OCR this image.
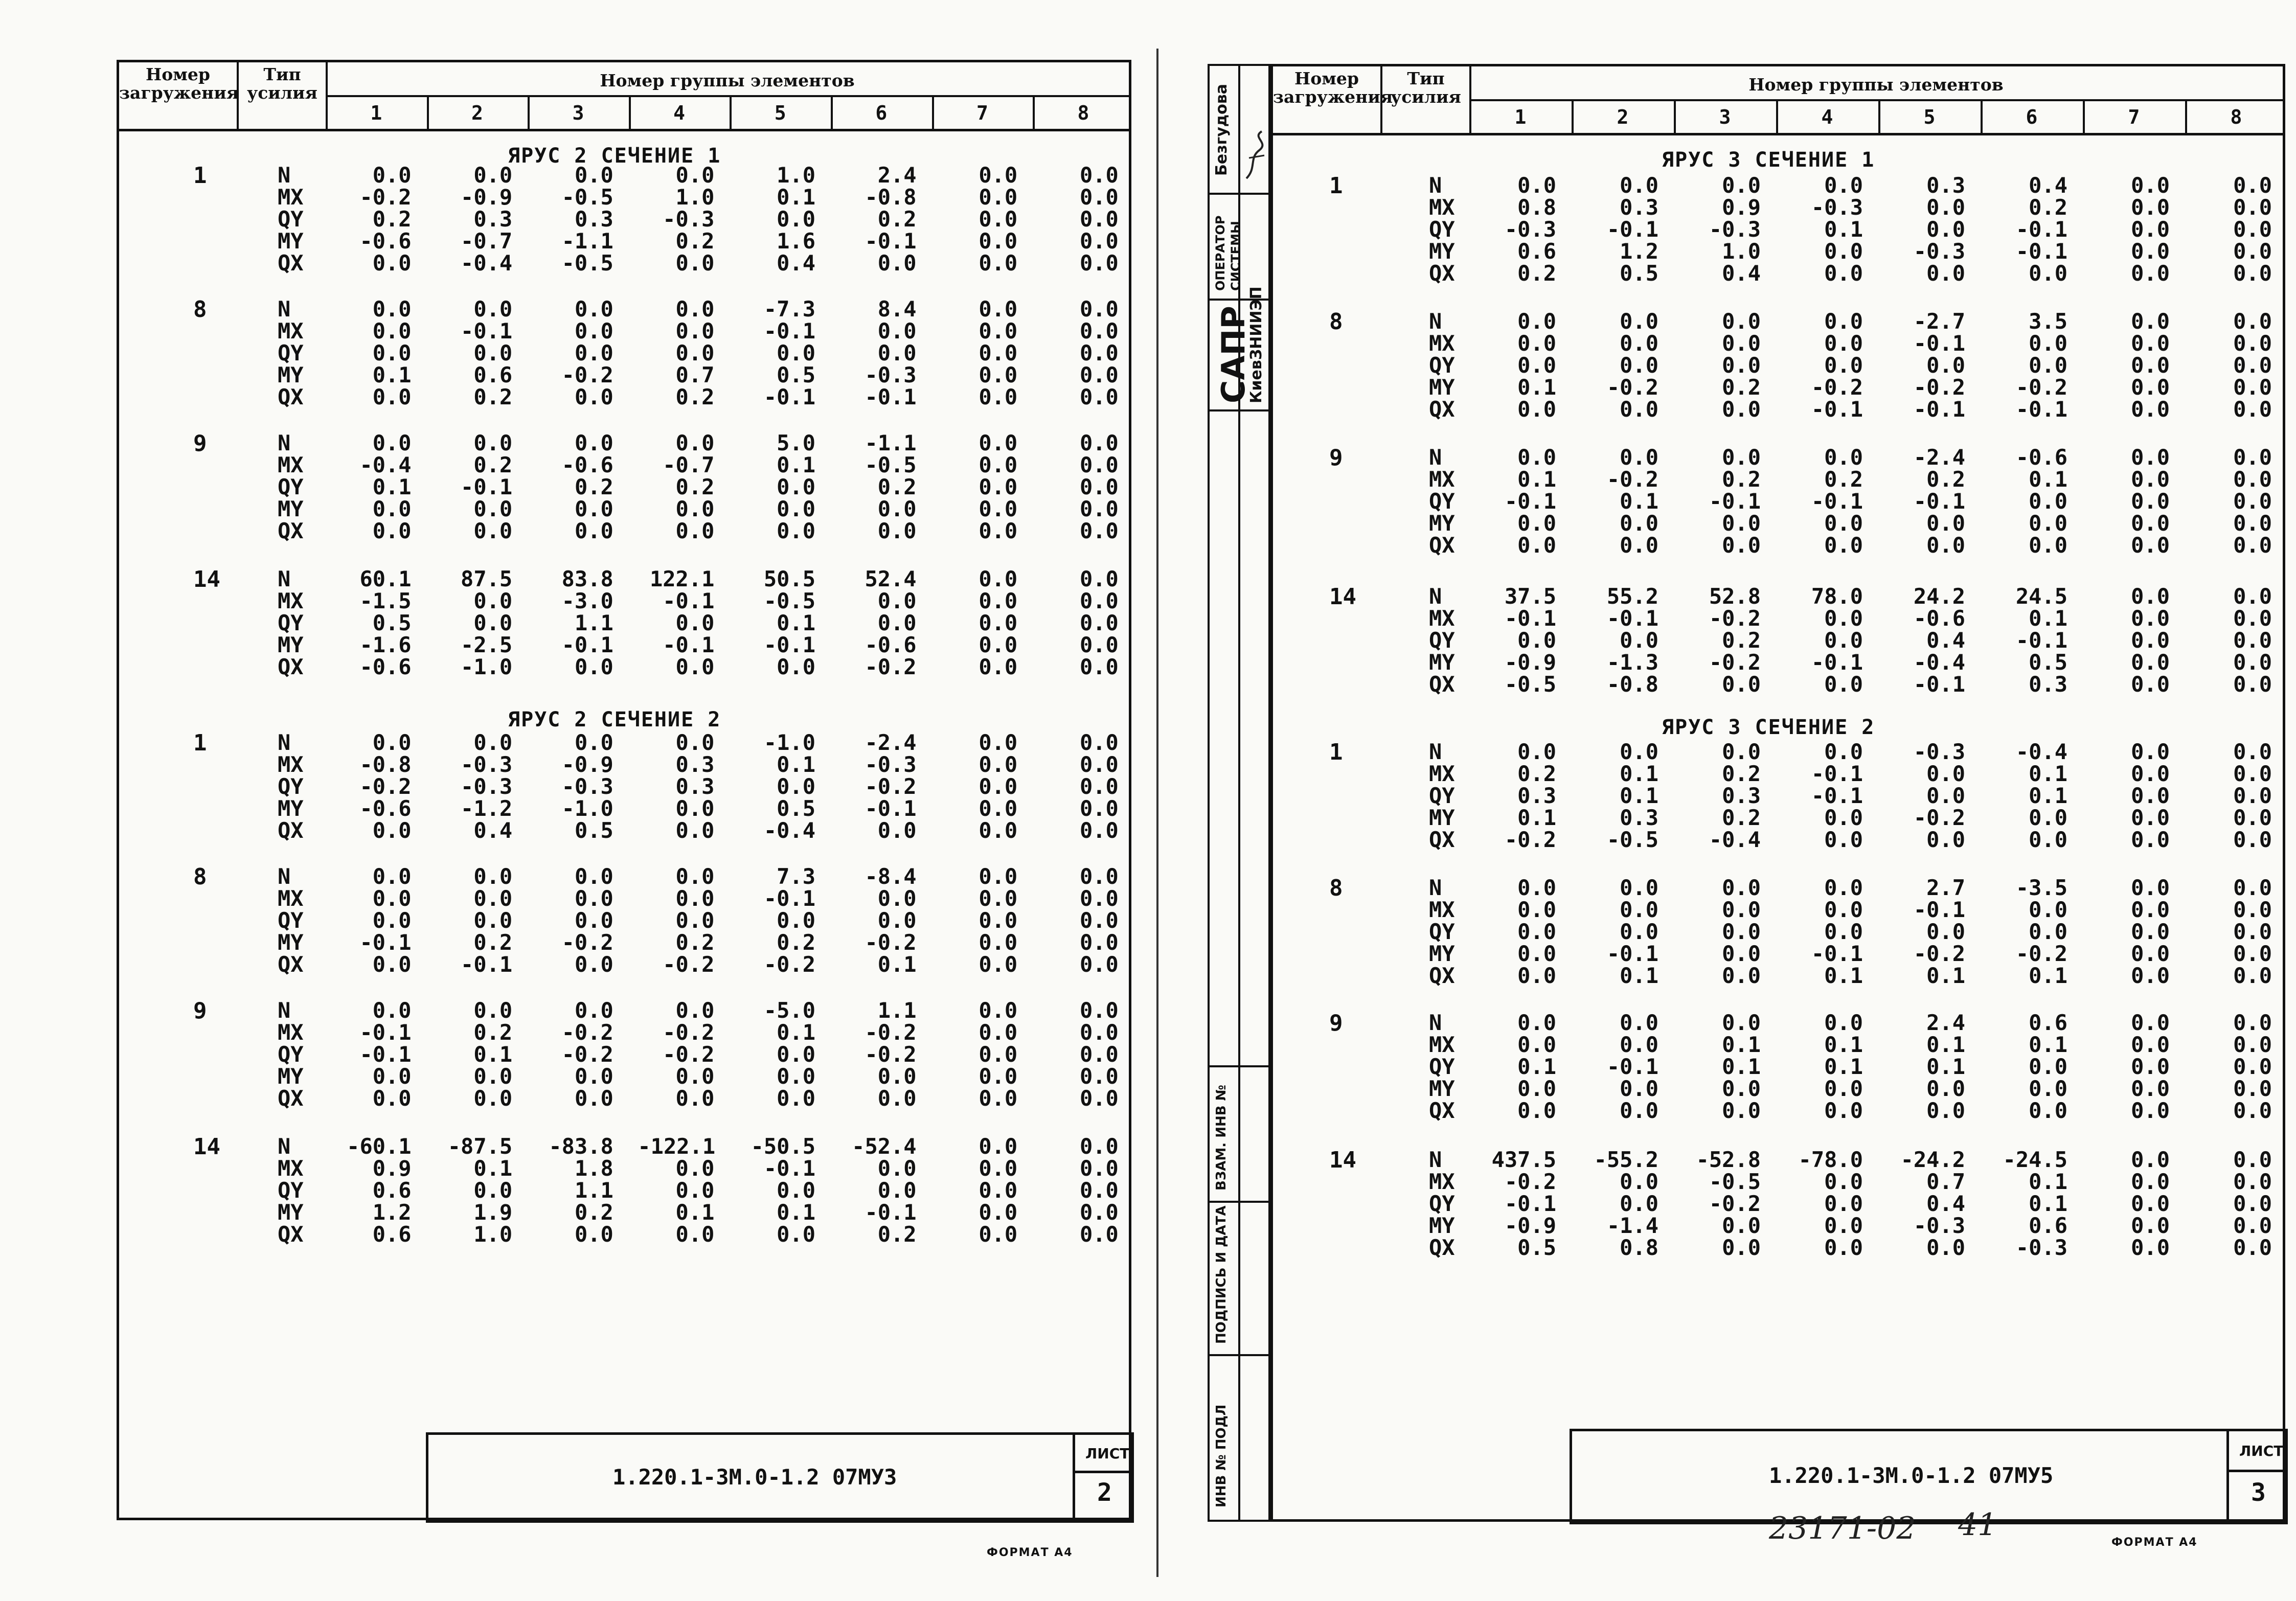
Номер загружения
Тип усилия
Номер группы элементов
1	2	3	4	5	6	7	8
ЯРУС 2 СЕЧЕНИЕ 1
1	N	0.0	0.0	0.0	0.0	1.0	2.4	0.0	0.0
MX	-0.2	-0.9	-0.5	1.0	0.1	-0.8	0.0	0.0
QY	0.2	0.3	0.3	-0.3	0.0	0.2	0.0	0.0
MY	-0.6	-0.7	-1.1	0.2	1.6	-0.1	0.0	0.0
QX	0.0	-0.4	-0.5	0.0	0.4	0.0	0.0	0.0
8	N	0.0	0.0	0.0	0.0	-7.3	8.4	0.0	0.0
MX	0.0	-0.1	0.0	0.0	-0.1	0.0	0.0	0.0
QY	0.0	0.0	0.0	0.0	0.0	0.0	0.0	0.0
MY	0.1	0.6	-0.2	0.7	0.5	-0.3	0.0	0.0
QX	0.0	0.2	0.0	0.2	-0.1	-0.1	0.0	0.0
9	N	0.0	0.0	0.0	0.0	5.0	-1.1	0.0	0.0
MX	-0.4	0.2	-0.6	-0.7	0.1	-0.5	0.0	0.0
QY	0.1	-0.1	0.2	0.2	0.0	0.2	0.0	0.0
MY	0.0	0.0	0.0	0.0	0.0	0.0	0.0	0.0
QX	0.0	0.0	0.0	0.0	0.0	0.0	0.0	0.0
14	N	60.1	87.5	83.8	122.1	50.5	52.4	0.0	0.0
MX	-1.5	0.0	-3.0	-0.1	-0.5	0.0	0.0	0.0
QY	0.5	0.0	1.1	0.0	0.1	0.0	0.0	0.0
MY	-1.6	-2.5	-0.1	-0.1	-0.1	-0.6	0.0	0.0
QX	-0.6	-1.0	0.0	0.0	0.0	-0.2	0.0	0.0
ЯРУС 2 СЕЧЕНИЕ 2
1	N	0.0	0.0	0.0	0.0	-1.0	-2.4	0.0	0.0
MX	-0.8	-0.3	-0.9	0.3	0.1	-0.3	0.0	0.0
QY	-0.2	-0.3	-0.3	0.3	0.0	-0.2	0.0	0.0
MY	-0.6	-1.2	-1.0	0.0	0.5	-0.1	0.0	0.0
QX	0.0	0.4	0.5	0.0	-0.4	0.0	0.0	0.0
8	N	0.0	0.0	0.0	0.0	7.3	-8.4	0.0	0.0
MX	0.0	0.0	0.0	0.0	-0.1	0.0	0.0	0.0
QY	0.0	0.0	0.0	0.0	0.0	0.0	0.0	0.0
MY	-0.1	0.2	-0.2	0.2	0.2	-0.2	0.0	0.0
QX	0.0	-0.1	0.0	-0.2	-0.2	0.1	0.0	0.0
9	N	0.0	0.0	0.0	0.0	-5.0	1.1	0.0	0.0
MX	-0.1	0.2	-0.2	-0.2	0.1	-0.2	0.0	0.0
QY	-0.1	0.1	-0.2	-0.2	0.0	-0.2	0.0	0.0
MY	0.0	0.0	0.0	0.0	0.0	0.0	0.0	0.0
QX	0.0	0.0	0.0	0.0	0.0	0.0	0.0	0.0
14	N	-60.1	-87.5	-83.8 -122.1	-50.5	-52.4	0.0	0.0
MX	0.9	0.1	1.8	0.0	-0.1	0.0	0.0	0.0
QY	0.6	0.0	1.1	0.0	0.0	0.0	0.0	0.0
MY	1.2	1.9	0.2	0.1	0.1	-0.1	0.0	0.0
QX	0.6	1.0	0.0	0.0	0.0	0.2	0.0	0.0
1.220.1-3М.0-1.2 07МУ3
ЛИСТ
2
ФОРМАТ А4
Безгудова
ОПЕРАТОР СИСТЕМЫ
САПР
КиевЗНИИЭП
ВЗАМ. ИНВ №
ПОДПИСЬ И ДАТА
ИНВ № ПОДЛ
Номер загружения
Тип усилия
Номер группы элементов
1	2	3	4	5	6	7	8
ЯРУС 3 СЕЧЕНИЕ 1
1	N	0.0	0.0	0.0	0.0	0.3	0.4	0.0	0.0
MX	0.8	0.3	0.9	-0.3	0.0	0.2	0.0	0.0
QY	-0.3	-0.1	-0.3	0.1	0.0	-0.1	0.0	0.0
MY	0.6	1.2	1.0	0.0	-0.3	-0.1	0.0	0.0
QX	0.2	0.5	0.4	0.0	0.0	0.0	0.0	0.0
8	N	0.0	0.0	0.0	0.0	-2.7	3.5	0.0	0.0
MX	0.0	0.0	0.0	0.0	-0.1	0.0	0.0	0.0
QY	0.0	0.0	0.0	0.0	0.0	0.0	0.0	0.0
MY	0.1	-0.2	0.2	-0.2	-0.2	-0.2	0.0	0.0
QX	0.0	0.0	0.0	-0.1	-0.1	-0.1	0.0	0.0
9	N	0.0	0.0	0.0	0.0	-2.4	-0.6	0.0	0.0
MX	0.1	-0.2	0.2	0.2	0.2	0.1	0.0	0.0
QY	-0.1	0.1	-0.1	-0.1	-0.1	0.0	0.0	0.0
MY	0.0	0.0	0.0	0.0	0.0	0.0	0.0	0.0
QX	0.0	0.0	0.0	0.0	0.0	0.0	0.0	0.0
14	N	37.5	55.2	52.8	78.0	24.2	24.5	0.0	0.0
MX	-0.1	-0.1	-0.2	0.0	-0.6	0.1	0.0	0.0
QY	0.0	0.0	0.2	0.0	0.4	-0.1	0.0	0.0
MY	-0.9	-1.3	-0.2	-0.1	-0.4	0.5	0.0	0.0
QX	-0.5	-0.8	0.0	0.0	-0.1	0.3	0.0	0.0
ЯРУС 3 СЕЧЕНИЕ 2
1	N	0.0	0.0	0.0	0.0	-0.3	-0.4	0.0	0.0
MX	0.2	0.1	0.2	-0.1	0.0	0.1	0.0	0.0
QY	0.3	0.1	0.3	-0.1	0.0	0.1	0.0	0.0
MY	0.1	0.3	0.2	0.0	-0.2	0.0	0.0	0.0
QX	-0.2	-0.5	-0.4	0.0	0.0	0.0	0.0	0.0
8	N	0.0	0.0	0.0	0.0	2.7	-3.5	0.0	0.0
MX	0.0	0.0	0.0	0.0	-0.1	0.0	0.0	0.0
QY	0.0	0.0	0.0	0.0	0.0	0.0	0.0	0.0
MY	0.0	-0.1	0.0	-0.1	-0.2	-0.2	0.0	0.0
QX	0.0	0.1	0.0	0.1	0.1	0.1	0.0	0.0
9	N	0.0	0.0	0.0	0.0	2.4	0.6	0.0	0.0
MX	0.0	0.0	0.1	0.1	0.1	0.1	0.0	0.0
QY	0.1	-0.1	0.1	0.1	0.1	0.0	0.0	0.0
MY	0.0	0.0	0.0	0.0	0.0	0.0	0.0	0.0
QX	0.0	0.0	0.0	0.0	0.0	0.0	0.0	0.0
14	N	437.5	-55.2	-52.8	-78.0	-24.2	-24.5	0.0	0.0
MX	-0.2	0.0	-0.5	0.0	0.7	0.1	0.0	0.0
QY	-0.1	0.0	-0.2	0.0	0.4	0.1	0.0	0.0
MY	-0.9	-1.4	0.0	0.0	-0.3	0.6	0.0	0.0
QX	0.5	0.8	0.0	0.0	0.0	-0.3	0.0	0.0
1.220.1-3М.0-1.2 07МУ5
ЛИСТ
3
23171-02 41	ФОРМАТ А4
